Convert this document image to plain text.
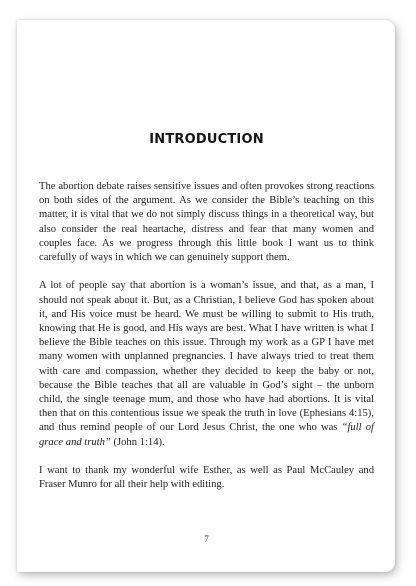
INTRODUCTION

The abortion debate raises sensitive issues and often provokes strong reactions on both sides of the argument. As we consider the Bible’s teaching on this matter, it is vital that we do not simply discuss things in a theoretical way, but also consider the real heartache, distress and fear that many women and couples face. As we progress through this little book I want us to think carefully of ways in which we can genuinely support them.

A lot of people say that abortion is a woman’s issue, and that, as a man, I should not speak about it. But, as a Christian, I believe God has spoken about it, and His voice must be heard. We must be willing to submit to His truth, knowing that He is good, and His ways are best. What I have written is what I believe the Bible teaches on this issue. Through my work as a GP I have met many women with unplanned pregnancies. I have always tried to treat them with care and compassion, whether they decided to keep the baby or not, because the Bible teaches that all are valuable in God’s sight – the unborn child, the single teenage mum, and those who have had abortions. It is vital then that on this contentious issue we speak the truth in love (Ephesians 4:15), and thus remind people of our Lord Jesus Christ, the one who was “full of grace and truth” (John 1:14).

I want to thank my wonderful wife Esther, as well as Paul McCauley and Fraser Munro for all their help with editing.

7
